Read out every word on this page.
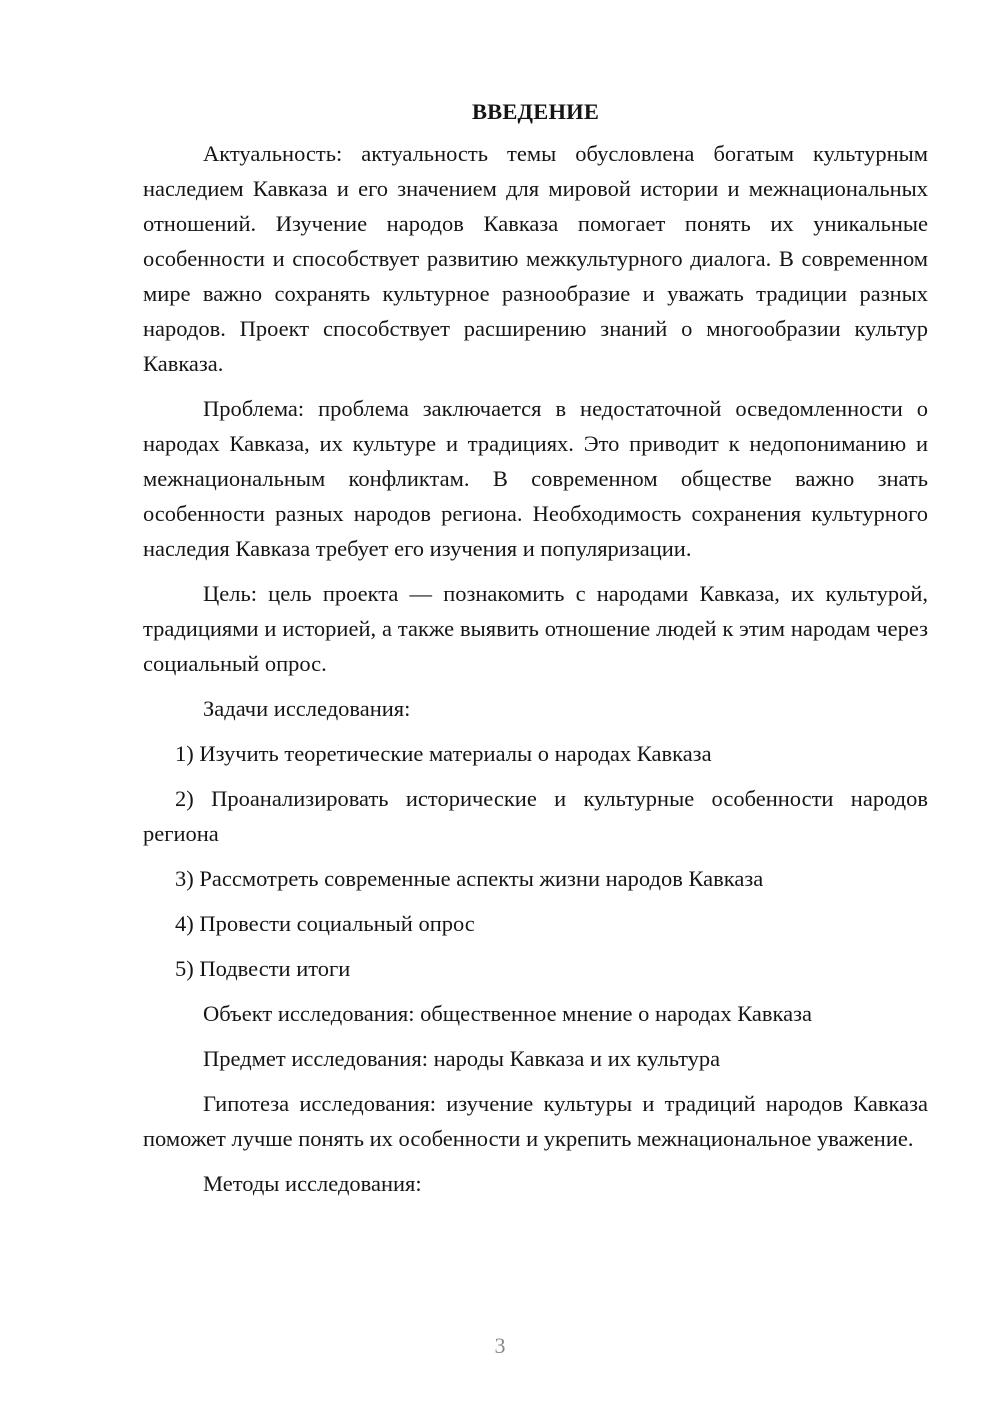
ВВЕДЕНИЕ

Актуальность: актуальность темы обусловлена богатым культурным наследием Кавказа и его значением для мировой истории и межнациональных отношений. Изучение народов Кавказа помогает понять их уникальные особенности и способствует развитию межкультурного диалога. В современном мире важно сохранять культурное разнообразие и уважать традиции разных народов. Проект способствует расширению знаний о многообразии культур Кавказа.

Проблема: проблема заключается в недостаточной осведомленности о народах Кавказа, их культуре и традициях. Это приводит к недопониманию и межнациональным конфликтам. В современном обществе важно знать особенности разных народов региона. Необходимость сохранения культурного наследия Кавказа требует его изучения и популяризации.

Цель: цель проекта — познакомить с народами Кавказа, их культурой, традициями и историей, а также выявить отношение людей к этим народам через социальный опрос.

Задачи исследования:

1) Изучить теоретические материалы о народах Кавказа

2) Проанализировать исторические и культурные особенности народов региона

3) Рассмотреть современные аспекты жизни народов Кавказа

4) Провести социальный опрос

5) Подвести итоги

Объект исследования: общественное мнение о народах Кавказа

Предмет исследования: народы Кавказа и их культура

Гипотеза исследования: изучение культуры и традиций народов Кавказа поможет лучше понять их особенности и укрепить межнациональное уважение.

Методы исследования:

3
